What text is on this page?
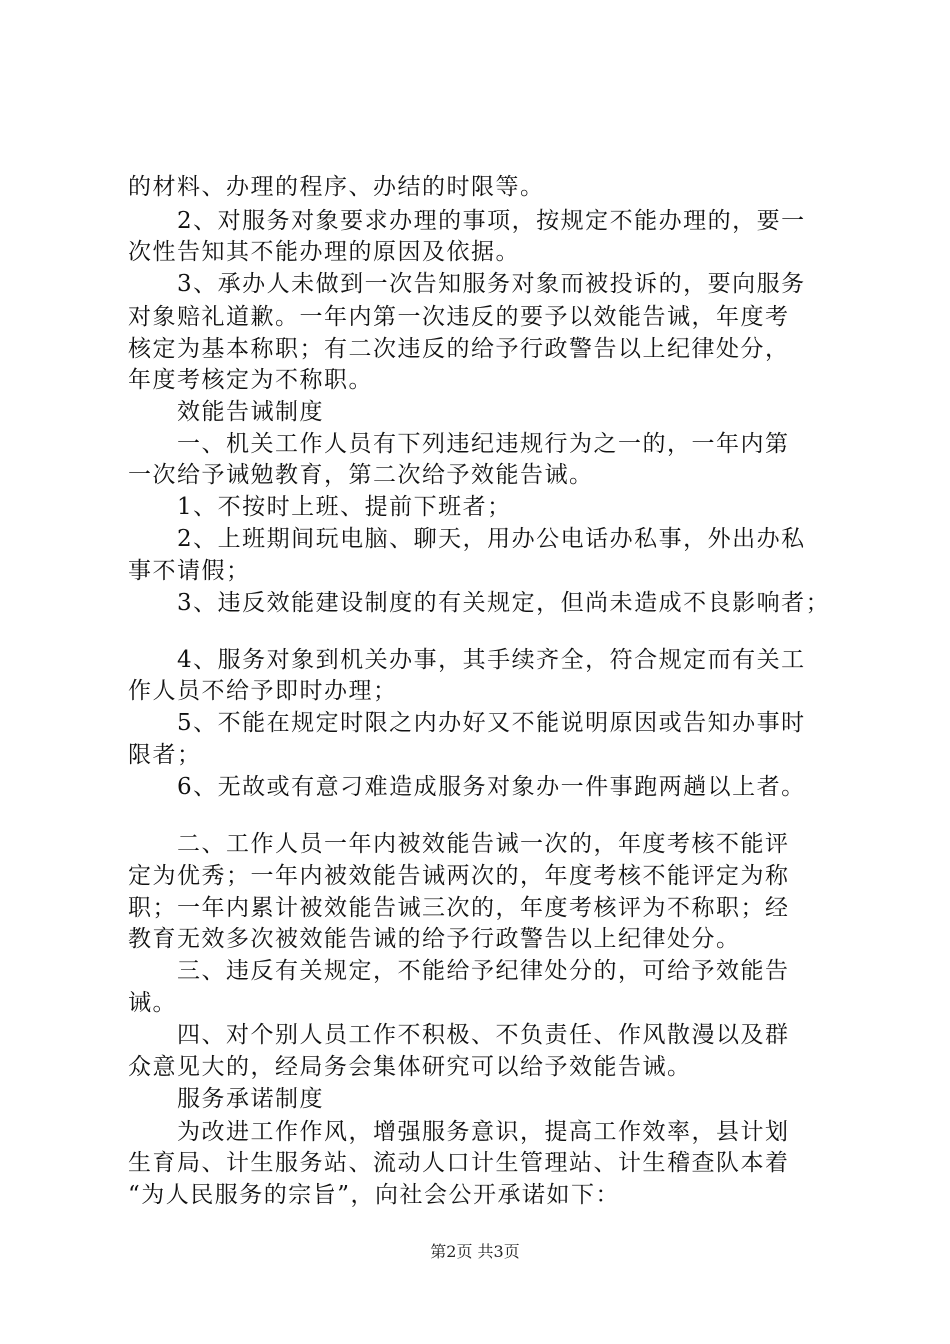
的材料、办理的程序、办结的时限等。
　　2、对服务对象要求办理的事项，按规定不能办理的，要一
次性告知其不能办理的原因及依据。
　　3、承办人未做到一次告知服务对象而被投诉的，要向服务
对象赔礼道歉。一年内第一次违反的要予以效能告诫，年度考
核定为基本称职；有二次违反的给予行政警告以上纪律处分，
年度考核定为不称职。
　　效能告诫制度
　　一、机关工作人员有下列违纪违规行为之一的，一年内第
一次给予诫勉教育，第二次给予效能告诫。
　　1、不按时上班、提前下班者；
　　2、上班期间玩电脑、聊天，用办公电话办私事，外出办私
事不请假；
　　3、违反效能建设制度的有关规定，但尚未造成不良影响者；
　　4、服务对象到机关办事，其手续齐全，符合规定而有关工
作人员不给予即时办理；
　　5、不能在规定时限之内办好又不能说明原因或告知办事时
限者；
　　6、无故或有意刁难造成服务对象办一件事跑两趟以上者。
　　二、工作人员一年内被效能告诫一次的，年度考核不能评
定为优秀；一年内被效能告诫两次的，年度考核不能评定为称
职；一年内累计被效能告诫三次的，年度考核评为不称职；经
教育无效多次被效能告诫的给予行政警告以上纪律处分。
　　三、违反有关规定，不能给予纪律处分的，可给予效能告
诫。
　　四、对个别人员工作不积极、不负责任、作风散漫以及群
众意见大的，经局务会集体研究可以给予效能告诫。
　　服务承诺制度
　　为改进工作作风，增强服务意识，提高工作效率，县计划
生育局、计生服务站、流动人口计生管理站、计生稽查队本着
“为人民服务的宗旨”，向社会公开承诺如下：
第2页 共3页
